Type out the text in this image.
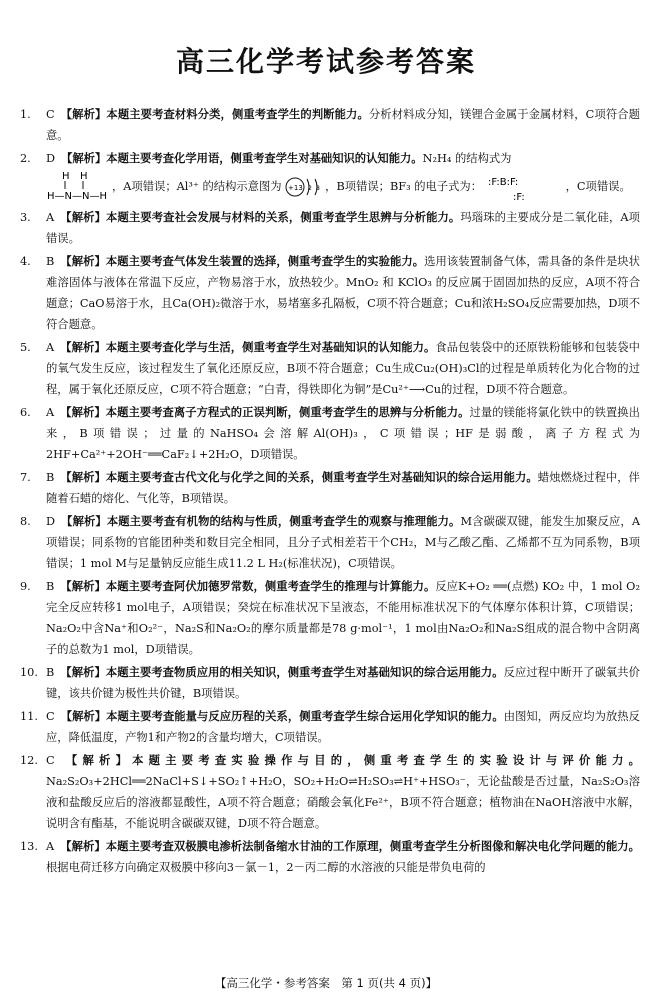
高三化学考试参考答案
1.	C 【解析】本题主要考查材料分类，侧重考查学生的判断能力。分析材料成分知，镁锂合金属于金属材料，C项符合题意。
2.	D 【解析】本题主要考查化学用语，侧重考查学生对基础知识的认知能力。N₂H₄ 的结构式为

H H
H—N—N—H
，A项错误；Al³⁺ 的结构示意图为 +13 2 8 ，B项错误；BF₃ 的电子式为： :F:B:F:
:F:
，C项错误。
3.	A 【解析】本题主要考查社会发展与材料的关系，侧重考查学生思辨与分析能力。玛瑙珠的主要成分是二氧化硅，A项错误。
4.	B 【解析】本题主要考查气体发生装置的选择，侧重考查学生的实验能力。选用该装置制备气体，需具备的条件是块状难溶固体与液体在常温下反应，产物易溶于水，放热较少。MnO₂ 和 KClO₃ 的反应属于固固加热的反应，A项不符合题意；CaO易溶于水，且Ca(OH)₂微溶于水，易堵塞多孔隔板，C项不符合题意；Cu和浓H₂SO₄反应需要加热，D项不符合题意。
5.	A 【解析】本题主要考查化学与生活，侧重考查学生对基础知识的认知能力。食品包装袋中的还原铁粉能够和包装袋中的氧气发生反应，该过程发生了氧化还原反应，B项不符合题意；Cu生成Cu₂(OH)₃Cl的过程是单质转化为化合物的过程，属于氧化还原反应，C项不符合题意；“白青，得铁即化为铜”是Cu²⁺⟶Cu的过程，D项不符合题意。
6.	A 【解析】本题主要考查离子方程式的正误判断，侧重考查学生的思辨与分析能力。过量的镁能将氯化铁中的铁置换出来，B项错误；过量的NaHSO₄会溶解Al(OH)₃，C项错误；HF是弱酸，离子方程式为2HF+Ca²⁺+2OH⁻══CaF₂↓+2H₂O，D项错误。
7.	B 【解析】本题主要考查古代文化与化学之间的关系，侧重考查学生对基础知识的综合运用能力。蜡烛燃烧过程中，伴随着石蜡的熔化、气化等，B项错误。
8.	D 【解析】本题主要考查有机物的结构与性质，侧重考查学生的观察与推理能力。M含碳碳双键，能发生加聚反应，A项错误；同系物的官能团种类和数目完全相同，且分子式相差若干个CH₂，M与乙酸乙酯、乙烯都不互为同系物，B项错误；1 mol M与足量钠反应能生成11.2 L H₂(标准状况)，C项错误。
9.	B 【解析】本题主要考查阿伏加德罗常数，侧重考查学生的推理与计算能力。反应K+O₂ ══(点燃) KO₂ 中，1 mol O₂完全反应转移1 mol电子，A项错误；癸烷在标准状况下呈液态，不能用标准状况下的气体摩尔体积计算，C项错误；Na₂O₂中含Na⁺和O₂²⁻，Na₂S和Na₂O₂的摩尔质量都是78 g·mol⁻¹，1 mol由Na₂O₂和Na₂S组成的混合物中含阴离子的总数为1 mol，D项错误。
10. B 【解析】本题主要考查物质应用的相关知识，侧重考查学生对基础知识的综合运用能力。反应过程中断开了碳氧共价键，该共价键为极性共价键，B项错误。
11. C 【解析】本题主要考查能量与反应历程的关系，侧重考查学生综合运用化学知识的能力。由图知，两反应均为放热反应，降低温度，产物1和产物2的含量均增大，C项错误。
12. C 【解析】本题主要考查实验操作与目的，侧重考查学生的实验设计与评价能力。Na₂S₂O₃+2HCl══2NaCl+S↓+SO₂↑+H₂O，SO₂+H₂O⇌H₂SO₃⇌H⁺+HSO₃⁻，无论盐酸是否过量，Na₂S₂O₃溶液和盐酸反应后的溶液都显酸性，A项不符合题意；硝酸会氧化Fe²⁺，B项不符合题意；植物油在NaOH溶液中水解，说明含有酯基，不能说明含碳碳双键，D项不符合题意。
13. A 【解析】本题主要考查双极膜电渗析法制备缩水甘油的工作原理，侧重考查学生分析图像和解决电化学问题的能力。根据电荷迁移方向确定双极膜中移向3－氯－1，2－丙二醇的水溶液的只能是带负电荷的
【高三化学・参考答案　第 1 页(共 4 页)】
